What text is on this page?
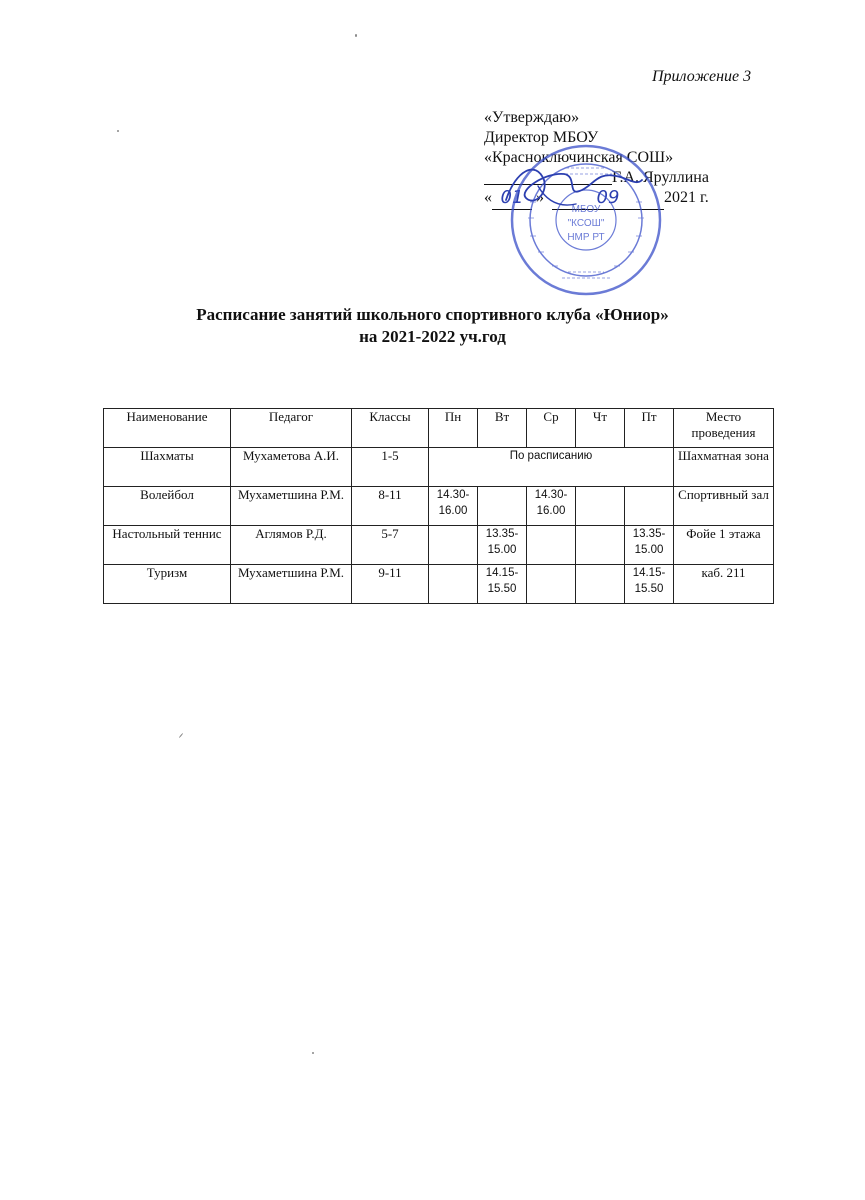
Приложение 3
«Утверждаю»
Директор МБОУ
«Красноключинская СОШ»
Г.А. Яруллина
« 01 »	09	2021 г.
МБОУ
"КСОШ"
НМР РТ
Расписание занятий школьного спортивного клуба «Юниор»
на 2021-2022 уч.год
Наименование	Педагог	Классы	Пн	Вт	Ср	Чт	Пт	Место проведения
Шахматы	Мухаметова А.И.	1-5	По расписанию					Шахматная зона
Волейбол	Мухаметшина Р.М.	8-11	14.30-16.00		14.30-16.00			Спортивный зал
Настольный теннис	Аглямов Р.Д.	5-7		13.35-15.00			13.35-15.00	Фойе 1 этажа
Туризм	Мухаметшина Р.М.	9-11		14.15-15.50			14.15-15.50	каб. 211
